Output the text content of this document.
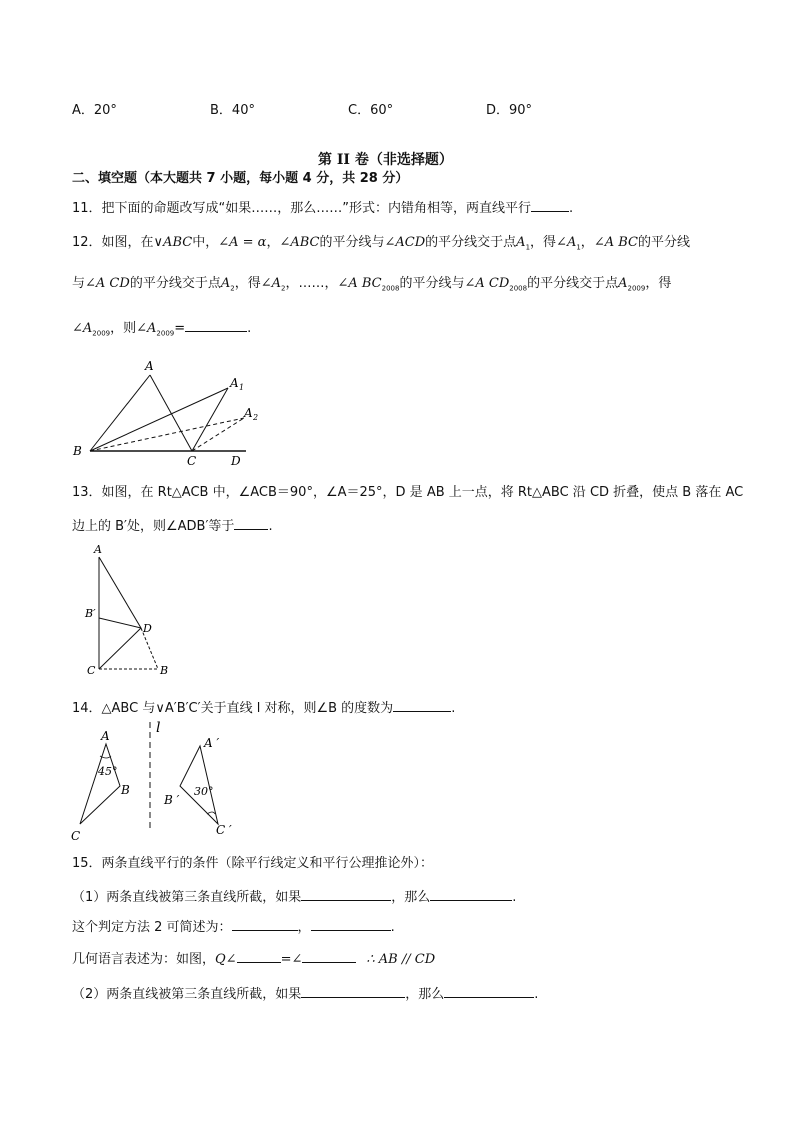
A．20°	B．40°	C．60°	D．90°
第 II 卷（非选择题）
二、填空题（本大题共 7 小题，每小题 4 分，共 28 分）
11．把下面的命题改写成“如果……，那么……”形式：内错角相等，两直线平行	.
12．如图，在∨ABC中，∠A = α，∠ABC的平分线与∠ACD的平分线交于点$A_1$，得$\angle A_1$，∠A BC的平分线
与∠A CD的平分线交于点$A_2$，得$\angle A_2$，……，∠A $BC_{2008}$的平分线与∠A $CD_{2008}$的平分线交于点$A_{2009}$，得
$\angle A_{2009}$，则$\angle A_{2009}=$	.
A
A 1
A 2
B
C	D
13．如图，在 Rt△ACB 中，∠ACB＝90°，∠A＝25°，D 是 AB 上一点，将 Rt△ABC 沿 CD 折叠，使点 B 落在 AC
边上的 B′处，则∠ADB′等于	.
A
B′
D
C	B
14．△ABC 与∨A′B′C′关于直线 l 对称，则∠B 的度数为	.
A
45°
B
C
l
A ′
B ′
30°
C ′
15．两条直线平行的条件（除平行线定义和平行公理推论外）：
（1）两条直线被第三条直线所截，如果	，那么	.
这个判定方法 2 可简述为：	，	.
几何语言表述为：如图，Q∠	=∠	∴ AB // CD
（2）两条直线被第三条直线所截，如果	，那么	.
